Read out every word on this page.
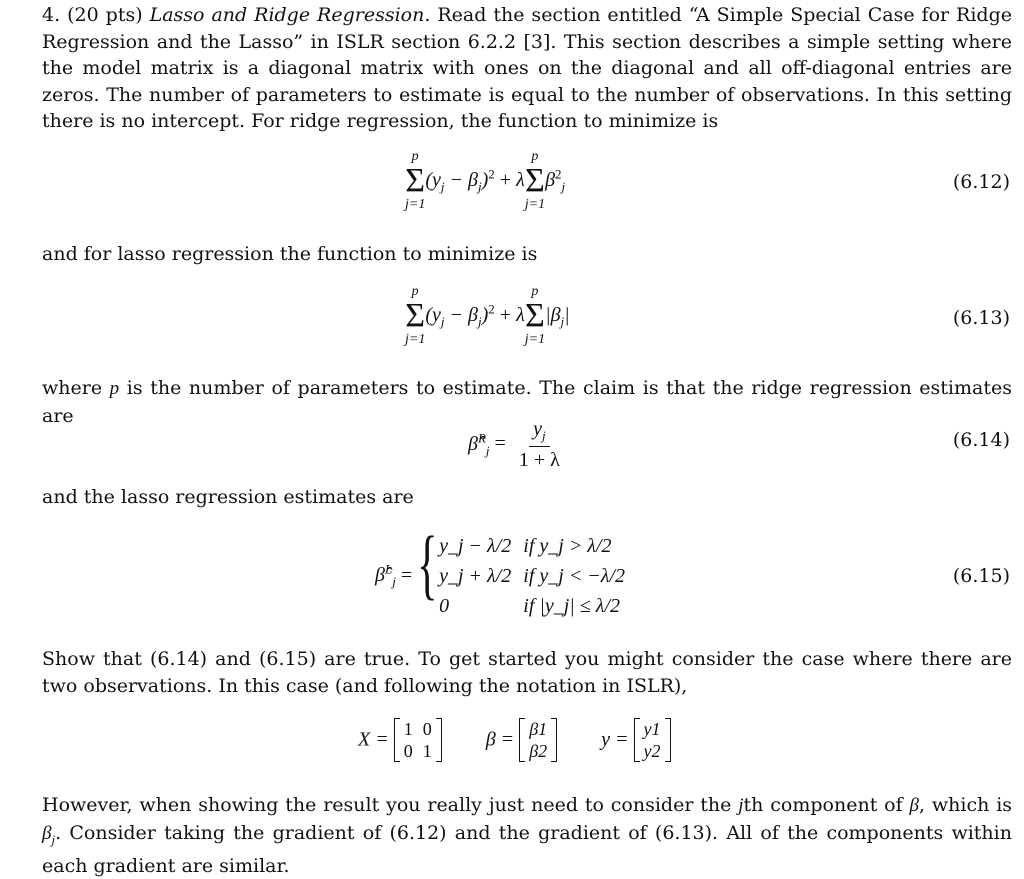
4. (20 pts) Lasso and Ridge Regression. Read the section entitled “A Simple Special Case for Ridge Regression and the Lasso” in ISLR section 6.2.2 [3]. This section describes a simple setting where the model matrix is a diagonal matrix with ones on the diagonal and all off-diagonal entries are zeros. The number of parameters to estimate is equal to the number of observations. In this setting there is no intercept. For ridge regression, the function to minimize is
p
Σ
j=1
$(y_j - \beta_j)^2 + \lambda$
p
Σ
j=1
$\beta^2_j$	(6.12)
and for lasso regression the function to minimize is
p
Σ
j=1
$(y_j - \beta_j)^2 + \lambda$
p
Σ
j=1
$|\beta_j|$	(6.13)
where p is the number of parameters to estimate. The claim is that the ridge regression estimates are
β̂$^R_j$ = $\frac{y_j}{1 + \lambda}$	(6.14)
and the lasso regression estimates are
β̂$^L_j$ = { y_j − λ/2	if y_j > λ/2
y_j + λ/2	if y_j < −λ/2
0	if |y_j| ≤ λ/2
(6.15)
Show that (6.14) and (6.15) are true. To get started you might consider the case where there are two observations. In this case (and following the notation in ISLR),
X = 1	0
0	1
β = β1
β2
y = y1
y2
However, when showing the result you really just need to consider the jth component of β, which is $\beta_j$. Consider taking the gradient of (6.12) and the gradient of (6.13). All of the components within each gradient are similar.
